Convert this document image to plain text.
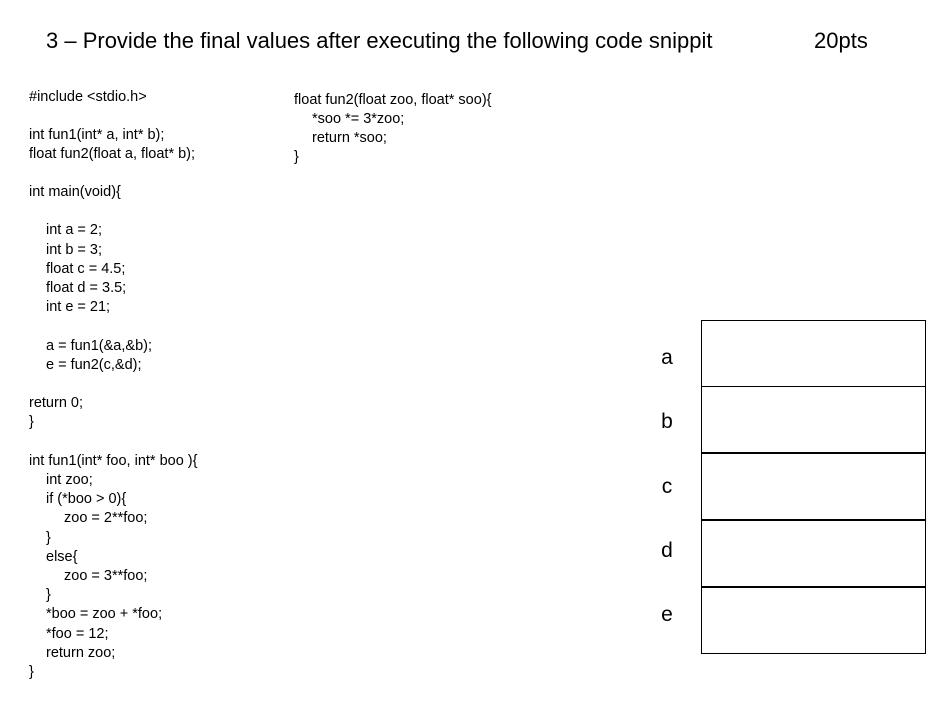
3 – Provide the final values after executing the following code snippit	20pts
#include <stdio.h>
int fun1(int* a, int* b);
float fun2(float a, float* b);
int main(void){
int a = 2;
int b = 3;
float c = 4.5;
float d = 3.5;
int e = 21;
a = fun1(&a,&b);
e = fun2(c,&d);
return 0;
}
int fun1(int* foo, int* boo ){
int zoo;
if (*boo > 0){
zoo = 2**foo;
}
else{
zoo = 3**foo;
}
*boo = zoo + *foo;
*foo = 12;
return zoo;
}
float fun2(float zoo, float* soo){
*soo *= 3*zoo;
return *soo;
}
a
b
c
d
e
